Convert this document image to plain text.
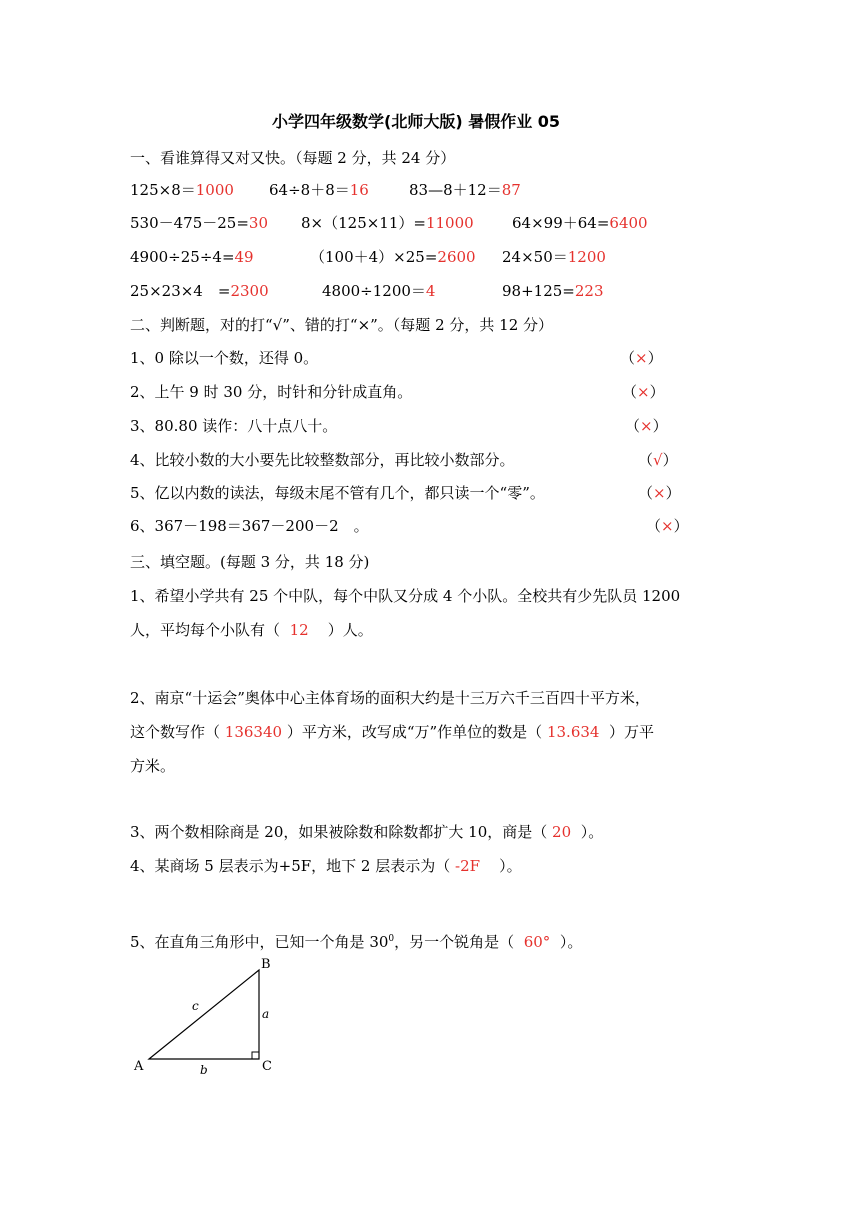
小学四年级数学(北师大版) 暑假作业 05
一、看谁算得又对又快。（每题 2 分，共 24 分）
125×8＝1000 64÷8＋8＝16	83—8＋12＝87
530－475－25=30 8×（125×11）=11000	64×99＋64=6400
4900÷25÷4=49	（100＋4）×25=2600 24×50＝1200
25×23×4　=2300	4800÷1200＝4	98+125=223
二、判断题，对的打“√”、错的打“×”。（每题 2 分，共 12 分）
1、0 除以一个数，还得 0。	（×）
2、上午 9 时 30 分，时针和分针成直角。	（×）
3、80.80 读作：八十点八十。	（×）
4、比较小数的大小要先比较整数部分，再比较小数部分。	（√）
5、亿以内数的读法，每级末尾不管有几个，都只读一个“零”。	（×）
6、367－198＝367－200－2　。	（×）
三、填空题。(每题 3 分，共 18 分)
1、希望小学共有 25 个中队，每个中队又分成 4 个小队。全校共有少先队员 1200
人，平均每个小队有（ 12 ）人。
2、南京“十运会”奥体中心主体育场的面积大约是十三万六千三百四十平方米，
这个数写作（ 136340 ）平方米，改写成“万”作单位的数是（ 13.634 ）万平
方米。
3、两个数相除商是 20，如果被除数和除数都扩大 10，商是（ 20 ）。
4、某商场 5 层表示为+5F，地下 2 层表示为（ -2F ）。
5、在直角三角形中，已知一个角是 $30^0$，另一个锐角是（ 60° ）。
A
B
C
a
b
c
